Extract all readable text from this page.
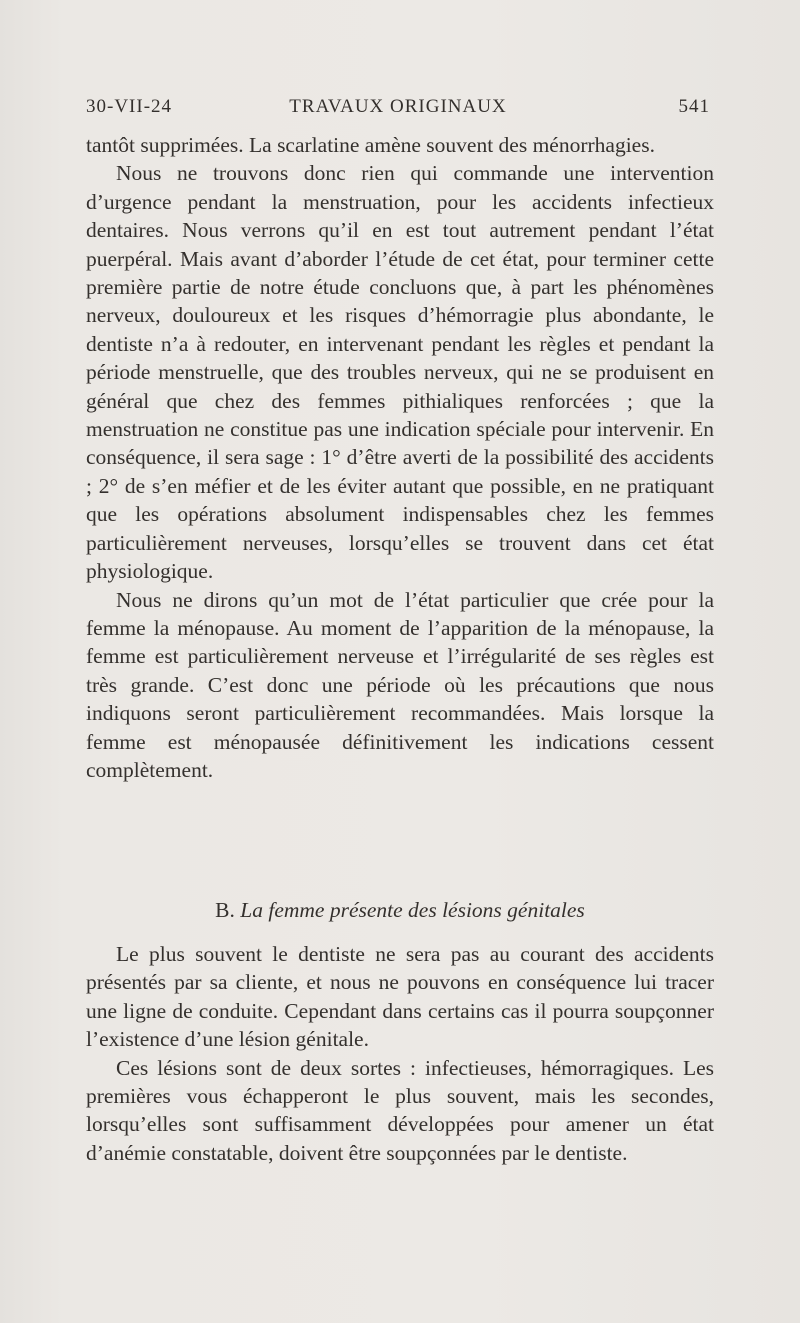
30-VII-24	TRAVAUX ORIGINAUX	541

tantôt supprimées. La scarlatine amène souvent des ménorrhagies.

Nous ne trouvons donc rien qui commande une intervention d’urgence pendant la menstruation, pour les accidents infectieux dentaires. Nous verrons qu’il en est tout autrement pendant l’état puerpéral. Mais avant d’aborder l’étude de cet état, pour terminer cette première partie de notre étude concluons que, à part les phénomènes nerveux, douloureux et les risques d’hémorragie plus abondante, le dentiste n’a à redouter, en intervenant pendant les règles et pendant la période menstruelle, que des troubles nerveux, qui ne se produisent en général que chez des femmes pithialiques renforcées ; que la menstruation ne constitue pas une indication spéciale pour intervenir. En conséquence, il sera sage : 1° d’être averti de la possibilité des accidents ; 2° de s’en méfier et de les éviter autant que possible, en ne pratiquant que les opérations absolument indispensables chez les femmes particulièrement nerveuses, lorsqu’elles se trouvent dans cet état physiologique.

Nous ne dirons qu’un mot de l’état particulier que crée pour la femme la ménopause. Au moment de l’apparition de la ménopause, la femme est particulièrement nerveuse et l’irrégularité de ses règles est très grande. C’est donc une période où les précautions que nous indiquons seront particulièrement recommandées. Mais lorsque la femme est ménopausée définitivement les indications cessent complètement.

B. La femme présente des lésions génitales

Le plus souvent le dentiste ne sera pas au courant des accidents présentés par sa cliente, et nous ne pouvons en conséquence lui tracer une ligne de conduite. Cependant dans certains cas il pourra soupçonner l’existence d’une lésion génitale.

Ces lésions sont de deux sortes : infectieuses, hémorragiques. Les premières vous échapperont le plus souvent, mais les secondes, lorsqu’elles sont suffisamment développées pour amener un état d’anémie constatable, doivent être soupçonnées par le dentiste.
